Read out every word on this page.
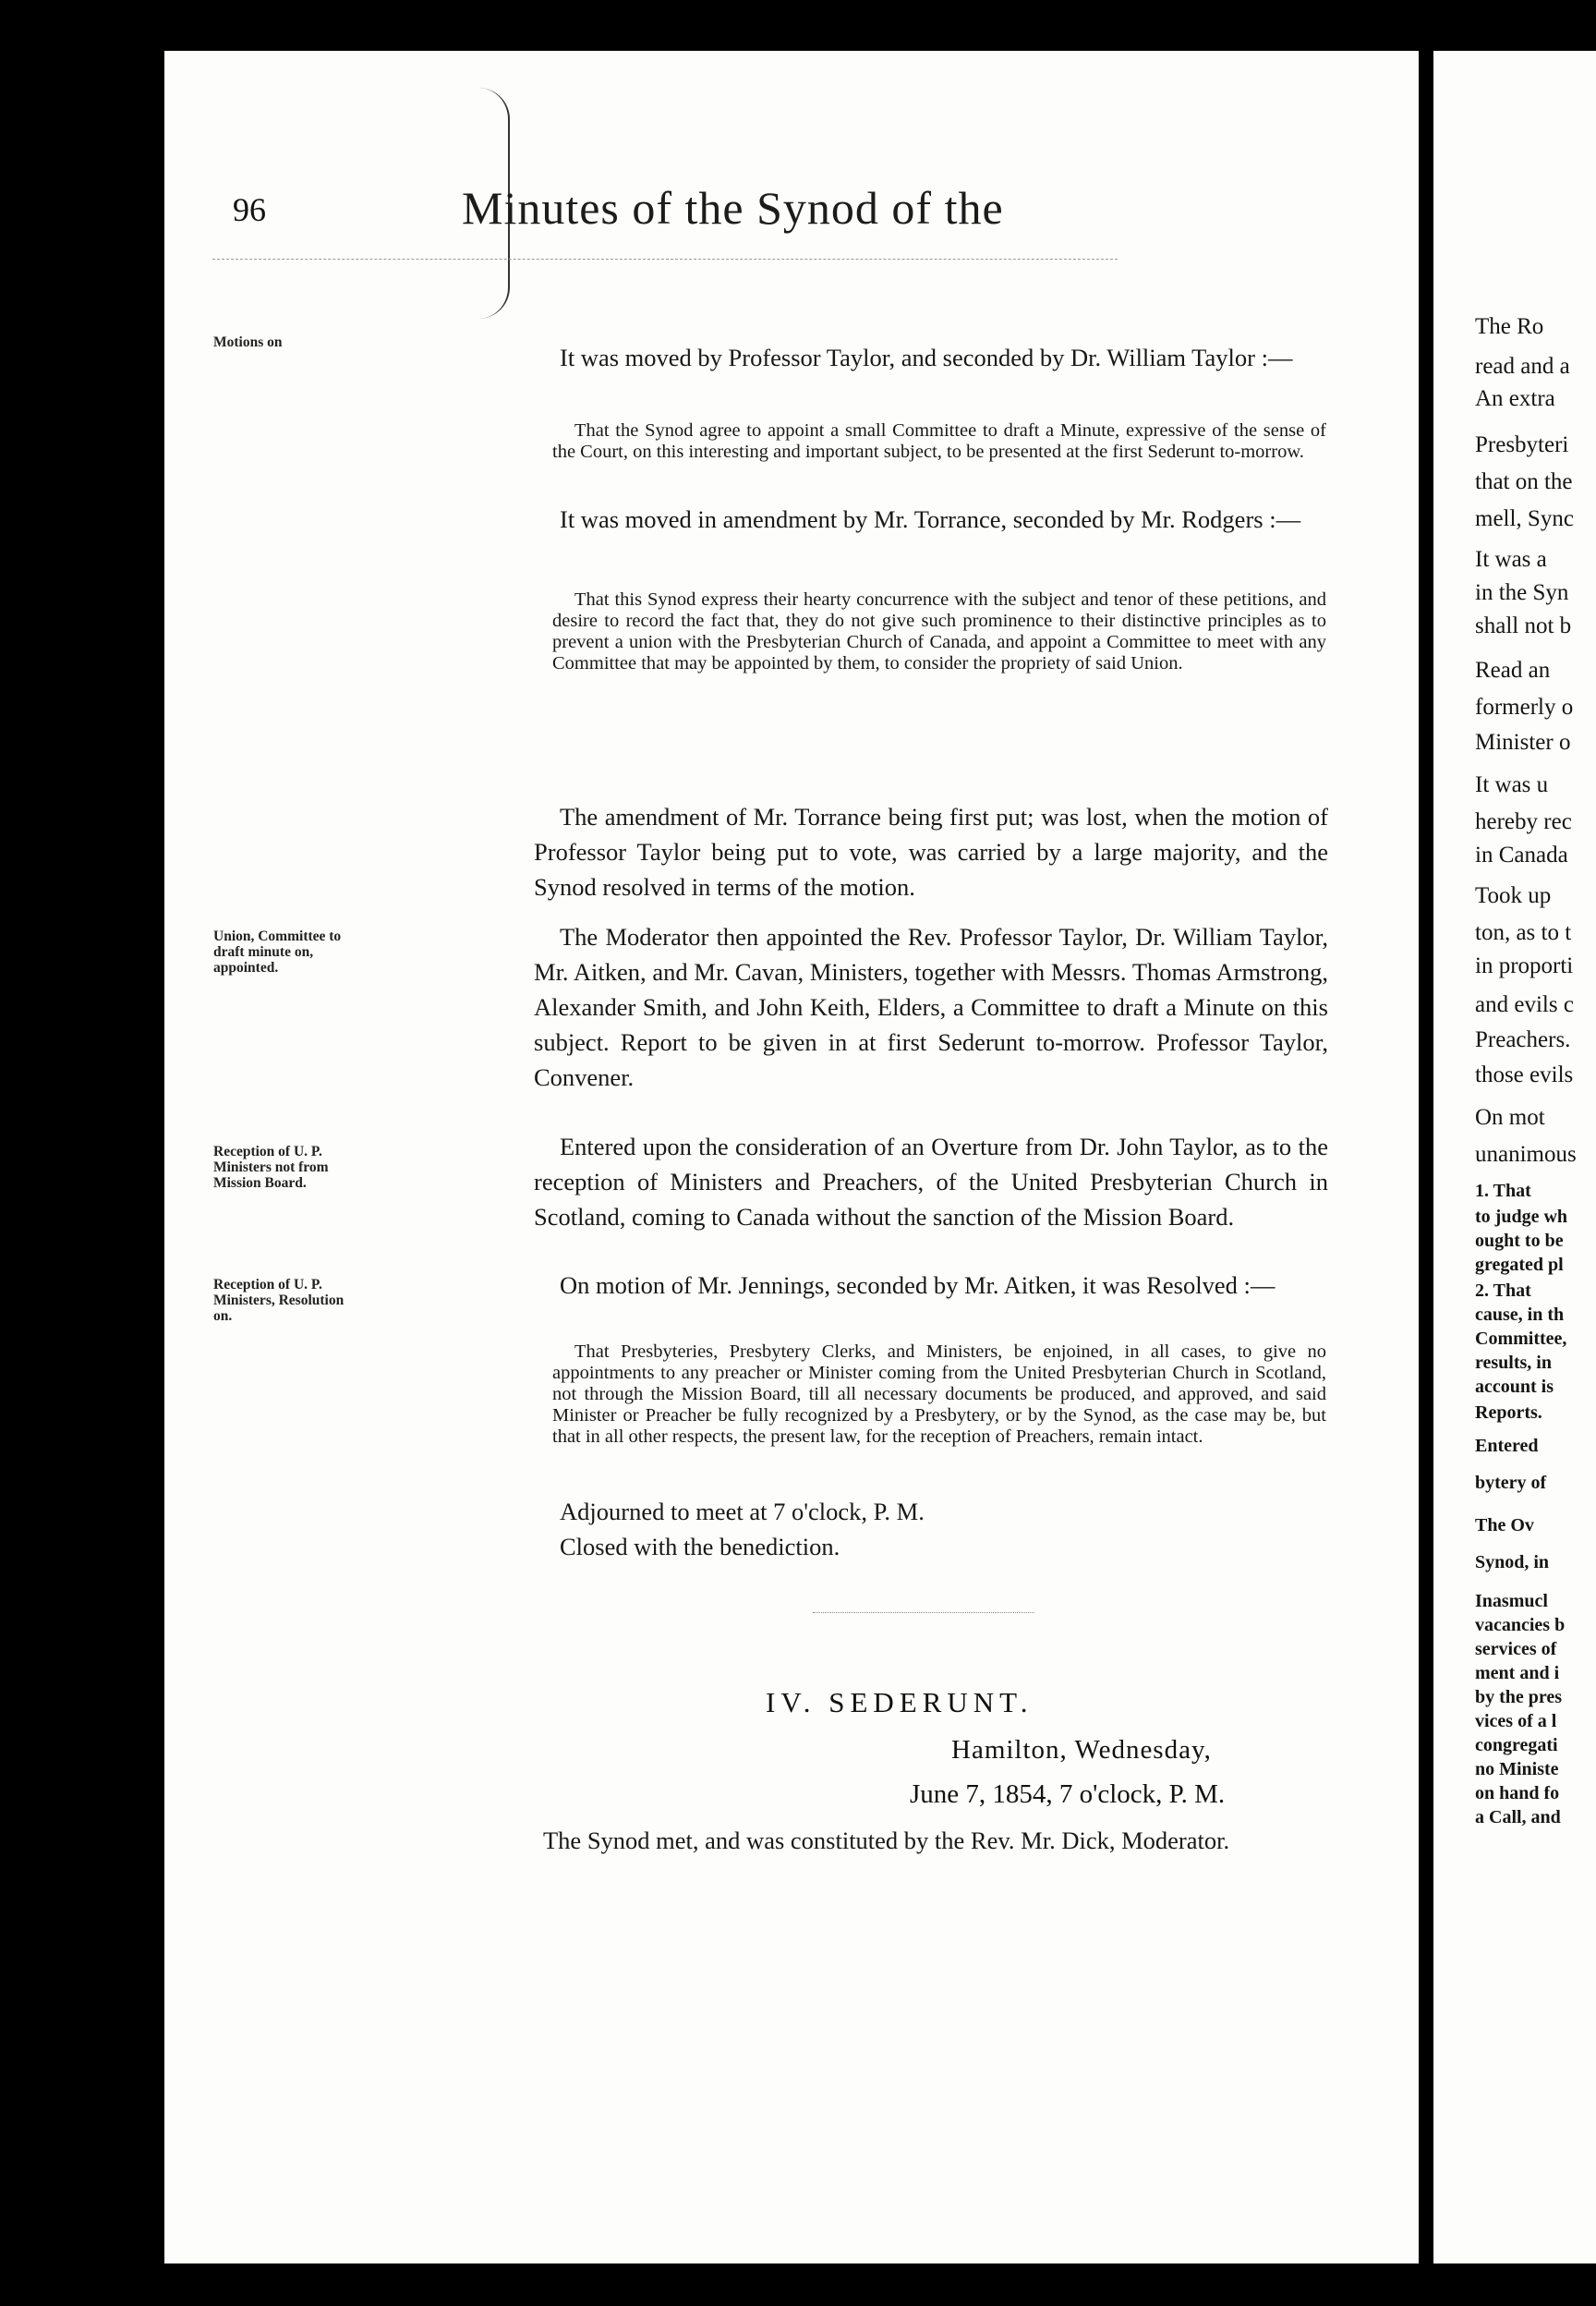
The Ro
read and a
An extra
Presbyteri
that on the
mell, Sync
It was a
in the Syn
shall not b
Read an
formerly o
Minister o
It was u
hereby rec
in Canada
Took up
ton, as to t
in proporti
and evils c
Preachers.
those evils
On mot
unanimous
1. That
to judge wh
ought to be
gregated pl
2. That
cause, in th
Committee,
results, in
account is
Reports.
Entered
bytery of
The Ov
Synod, in
Inasmucl
vacancies b
services of
ment and i
by the pres
vices of a l
congregati
no Ministe
on hand fo
a Call, and
96	Minutes of the Synod of the
Motions on
Union, Committee to draft minute on, appointed.
Reception of U. P. Ministers not from Mission Board.
Reception of U. P. Ministers, Resolution on.
It was moved by Professor Taylor, and seconded by Dr. William Taylor :—
That the Synod agree to appoint a small Committee to draft a Minute, expressive of the sense of the Court, on this interesting and important subject, to be presented at the first Sederunt to-morrow.
It was moved in amendment by Mr. Torrance, seconded by Mr. Rodgers :—
That this Synod express their hearty concurrence with the subject and tenor of these petitions, and desire to record the fact that, they do not give such prominence to their distinctive principles as to prevent a union with the Presbyterian Church of Canada, and appoint a Committee to meet with any Committee that may be appointed by them, to consider the propriety of said Union.
The amendment of Mr. Torrance being first put; was lost, when the motion of Professor Taylor being put to vote, was carried by a large majority, and the Synod resolved in terms of the motion.
The Moderator then appointed the Rev. Professor Taylor, Dr. William Taylor, Mr. Aitken, and Mr. Cavan, Ministers, together with Messrs. Thomas Armstrong, Alexander Smith, and John Keith, Elders, a Committee to draft a Minute on this subject. Report to be given in at first Sederunt to-morrow. Professor Taylor, Convener.
Entered upon the consideration of an Overture from Dr. John Taylor, as to the reception of Ministers and Preachers, of the United Presbyterian Church in Scotland, coming to Canada without the sanction of the Mission Board.
On motion of Mr. Jennings, seconded by Mr. Aitken, it was Resolved :—
That Presbyteries, Presbytery Clerks, and Ministers, be enjoined, in all cases, to give no appointments to any preacher or Minister coming from the United Presbyterian Church in Scotland, not through the Mission Board, till all necessary documents be produced, and approved, and said Minister or Preacher be fully recognized by a Presbytery, or by the Synod, as the case may be, but that in all other respects, the present law, for the reception of Preachers, remain intact.
Adjourned to meet at 7 o'clock, P. M.
Closed with the benediction.
IV. SEDERUNT.
Hamilton, Wednesday,
June 7, 1854, 7 o'clock, P. M.
The Synod met, and was constituted by the Rev. Mr. Dick, Moderator.
